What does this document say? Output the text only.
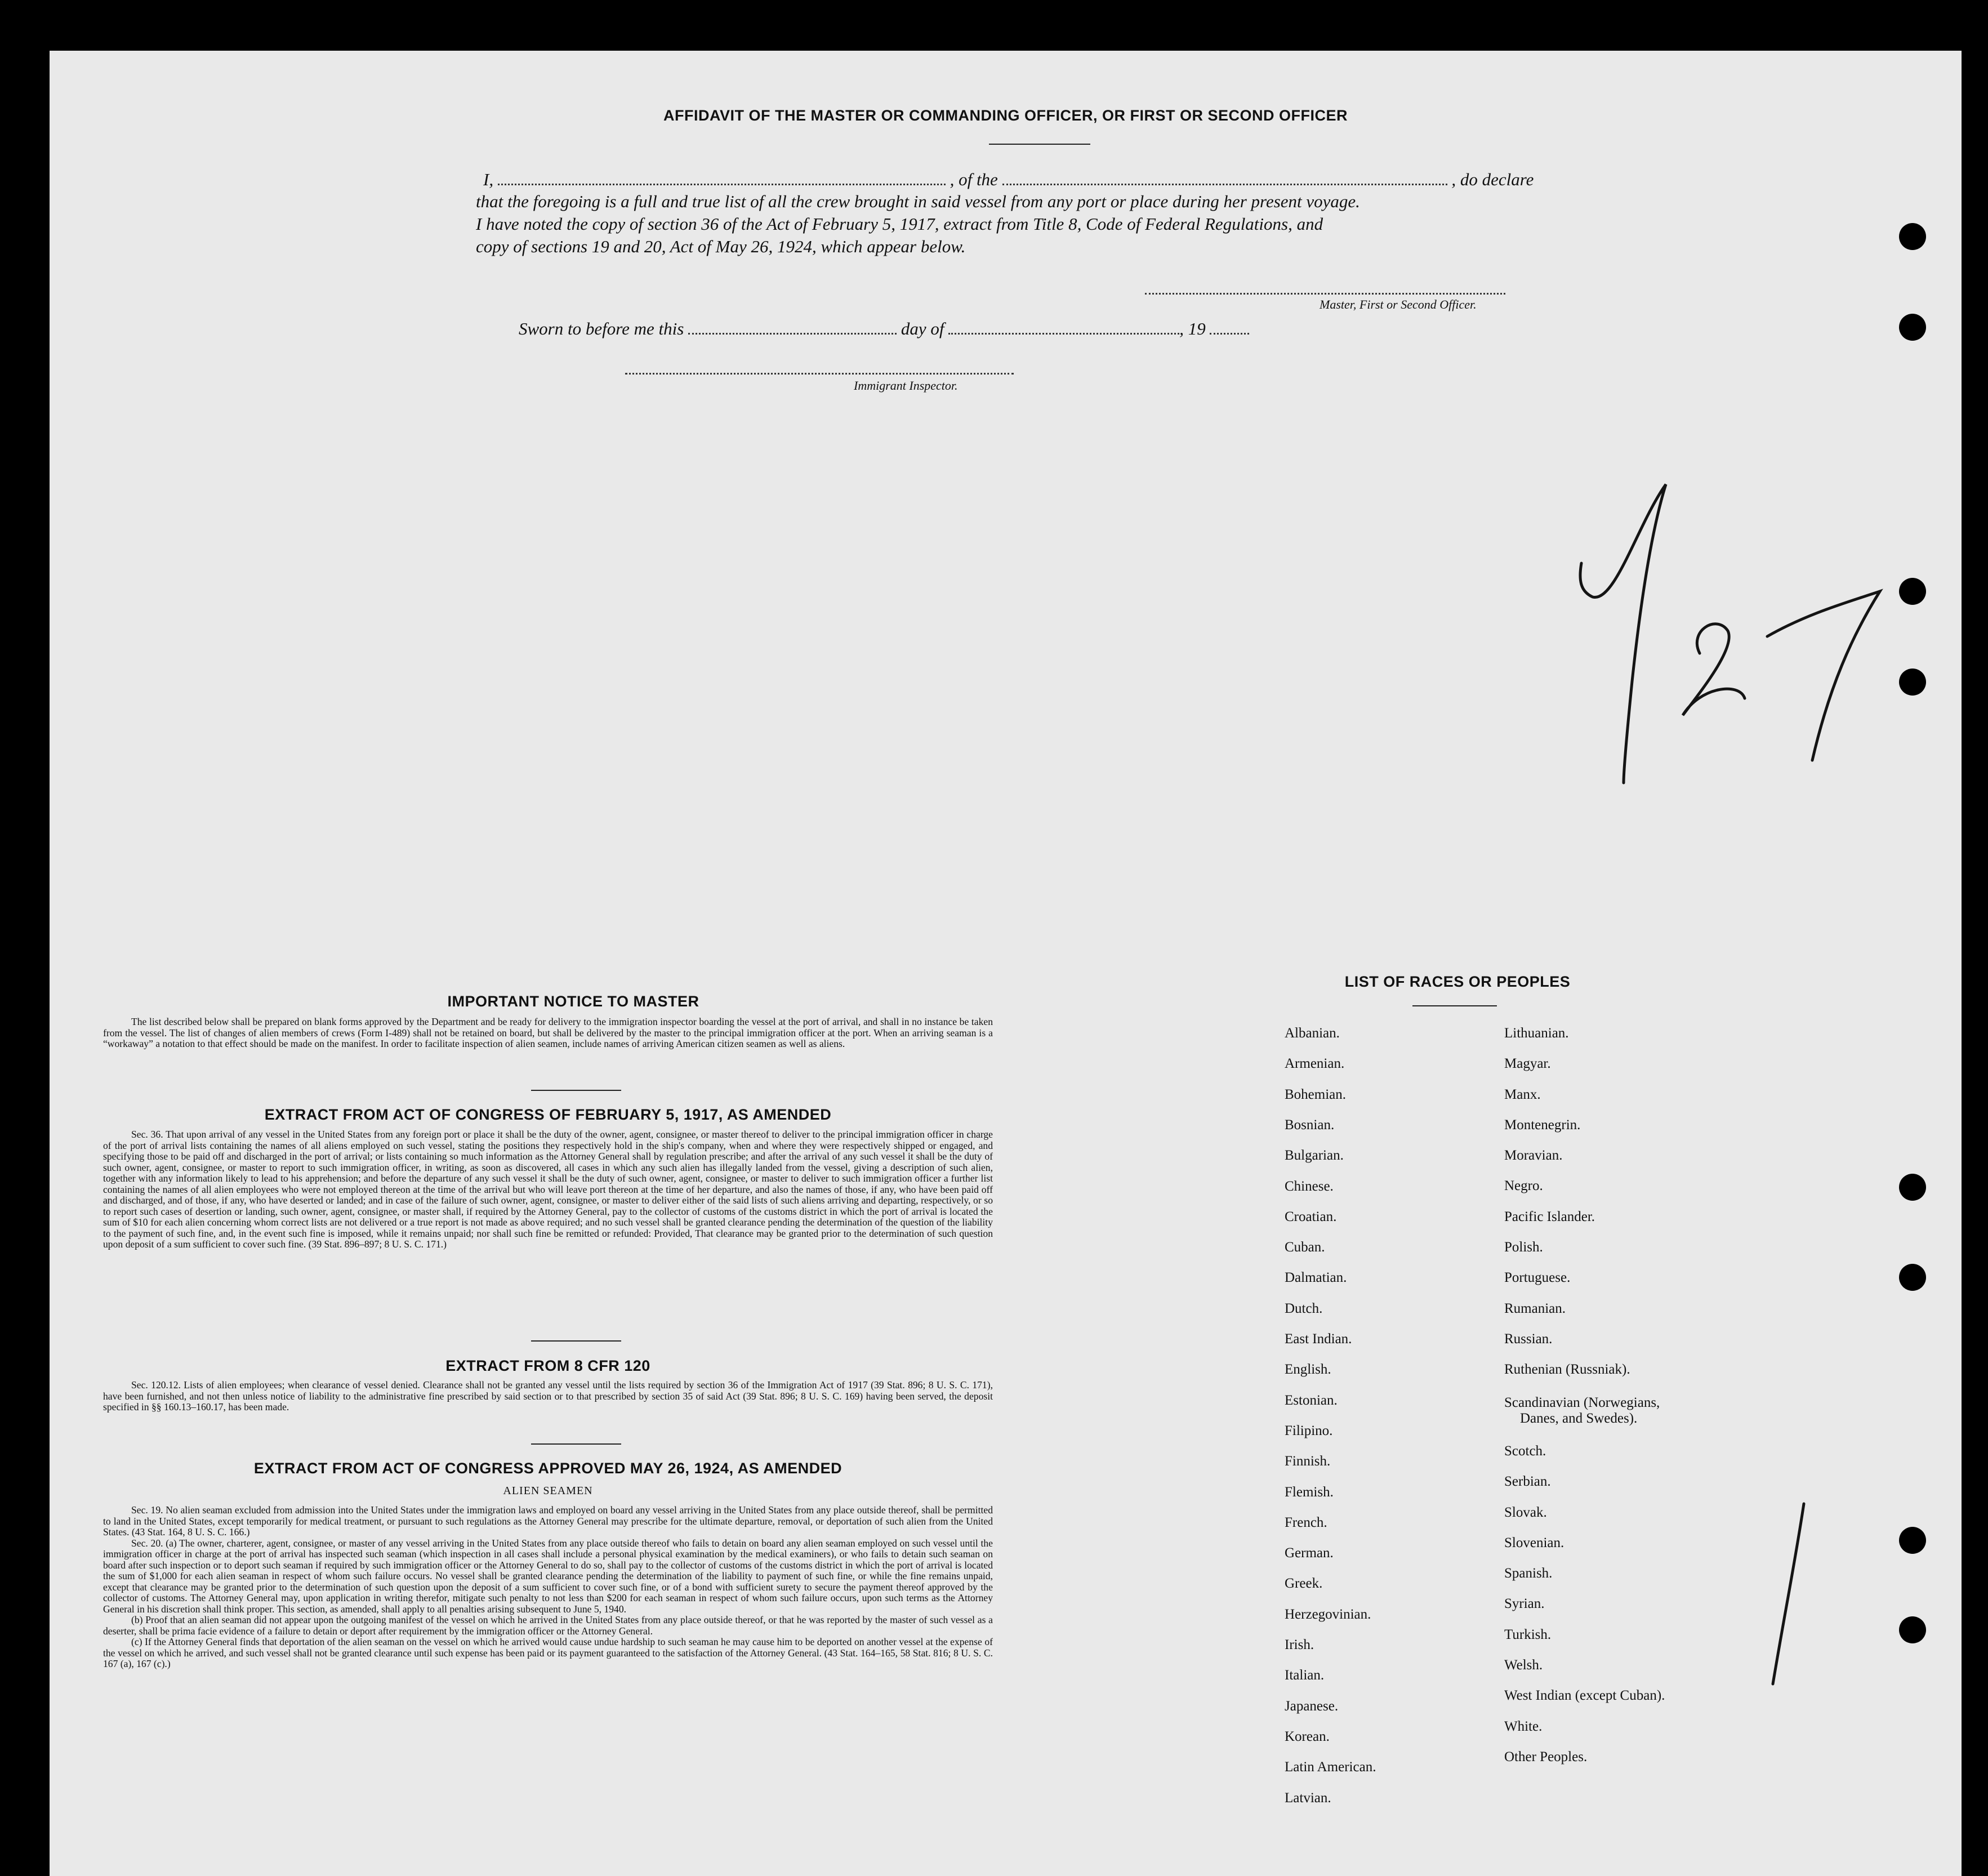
AFFIDAVIT OF THE MASTER OR COMMANDING OFFICER, OR FIRST OR SECOND OFFICER
I,	, of the	, do declare
that the foregoing is a full and true list of all the crew brought in said vessel from any port or place during her present voyage.
I have noted the copy of section 36 of the Act of February 5, 1917, extract from Title 8, Code of Federal Regulations, and
copy of sections 19 and 20, Act of May 26, 1924, which appear below.
Master, First or Second Officer.
Sworn to before me this	day of	, 19
Immigrant Inspector.
IMPORTANT NOTICE TO MASTER
The list described below shall be prepared on blank forms approved by the Department and be ready for delivery to the immigration inspector boarding the vessel at the port of arrival, and shall in no instance be taken from the vessel. The list of changes of alien members of crews (Form I-489) shall not be retained on board, but shall be delivered by the master to the principal immigration officer at the port. When an arriving seaman is a “workaway” a notation to that effect should be made on the manifest. In order to facilitate inspection of alien seamen, include names of arriving American citizen seamen as well as aliens.
EXTRACT FROM ACT OF CONGRESS OF FEBRUARY 5, 1917, AS AMENDED
Sec. 36. That upon arrival of any vessel in the United States from any foreign port or place it shall be the duty of the owner, agent, consignee, or master thereof to deliver to the principal immigration officer in charge of the port of arrival lists containing the names of all aliens employed on such vessel, stating the positions they respectively hold in the ship's company, when and where they were respectively shipped or engaged, and specifying those to be paid off and discharged in the port of arrival; or lists containing so much information as the Attorney General shall by regulation prescribe; and after the arrival of any such vessel it shall be the duty of such owner, agent, consignee, or master to report to such immigration officer, in writing, as soon as discovered, all cases in which any such alien has illegally landed from the vessel, giving a description of such alien, together with any information likely to lead to his apprehension; and before the departure of any such vessel it shall be the duty of such owner, agent, consignee, or master to deliver to such immigration officer a further list containing the names of all alien employees who were not employed thereon at the time of the arrival but who will leave port thereon at the time of her departure, and also the names of those, if any, who have been paid off and discharged, and of those, if any, who have deserted or landed; and in case of the failure of such owner, agent, consignee, or master to deliver either of the said lists of such aliens arriving and departing, respectively, or so to report such cases of desertion or landing, such owner, agent, consignee, or master shall, if required by the Attorney General, pay to the collector of customs of the customs district in which the port of arrival is located the sum of $10 for each alien concerning whom correct lists are not delivered or a true report is not made as above required; and no such vessel shall be granted clearance pending the determination of the question of the liability to the payment of such fine, and, in the event such fine is imposed, while it remains unpaid; nor shall such fine be remitted or refunded: Provided, That clearance may be granted prior to the determination of such question upon deposit of a sum sufficient to cover such fine. (39 Stat. 896–897; 8 U. S. C. 171.)
EXTRACT FROM 8 CFR 120
Sec. 120.12. Lists of alien employees; when clearance of vessel denied. Clearance shall not be granted any vessel until the lists required by section 36 of the Immigration Act of 1917 (39 Stat. 896; 8 U. S. C. 171), have been furnished, and not then unless notice of liability to the administrative fine prescribed by said section or to that prescribed by section 35 of said Act (39 Stat. 896; 8 U. S. C. 169) having been served, the deposit specified in §§ 160.13–160.17, has been made.
EXTRACT FROM ACT OF CONGRESS APPROVED MAY 26, 1924, AS AMENDED
ALIEN SEAMEN
Sec. 19. No alien seaman excluded from admission into the United States under the immigration laws and employed on board any vessel arriving in the United States from any place outside thereof, shall be permitted to land in the United States, except temporarily for medical treatment, or pursuant to such regulations as the Attorney General may prescribe for the ultimate departure, removal, or deportation of such alien from the United States. (43 Stat. 164, 8 U. S. C. 166.)
Sec. 20. (a) The owner, charterer, agent, consignee, or master of any vessel arriving in the United States from any place outside thereof who fails to detain on board any alien seaman employed on such vessel until the immigration officer in charge at the port of arrival has inspected such seaman (which inspection in all cases shall include a personal physical examination by the medical examiners), or who fails to detain such seaman on board after such inspection or to deport such seaman if required by such immigration officer or the Attorney General to do so, shall pay to the collector of customs of the customs district in which the port of arrival is located the sum of $1,000 for each alien seaman in respect of whom such failure occurs. No vessel shall be granted clearance pending the determination of the liability to payment of such fine, or while the fine remains unpaid, except that clearance may be granted prior to the determination of such question upon the deposit of a sum sufficient to cover such fine, or of a bond with sufficient surety to secure the payment thereof approved by the collector of customs. The Attorney General may, upon application in writing therefor, mitigate such penalty to not less than $200 for each seaman in respect of whom such failure occurs, upon such terms as the Attorney General in his discretion shall think proper. This section, as amended, shall apply to all penalties arising subsequent to June 5, 1940.
(b) Proof that an alien seaman did not appear upon the outgoing manifest of the vessel on which he arrived in the United States from any place outside thereof, or that he was reported by the master of such vessel as a deserter, shall be prima facie evidence of a failure to detain or deport after requirement by the immigration officer or the Attorney General.
(c) If the Attorney General finds that deportation of the alien seaman on the vessel on which he arrived would cause undue hardship to such seaman he may cause him to be deported on another vessel at the expense of the vessel on which he arrived, and such vessel shall not be granted clearance until such expense has been paid or its payment guaranteed to the satisfaction of the Attorney General. (43 Stat. 164–165, 58 Stat. 816; 8 U. S. C. 167 (a), 167 (c).)
LIST OF RACES OR PEOPLES
Albanian.
Armenian.
Bohemian.
Bosnian.
Bulgarian.
Chinese.
Croatian.
Cuban.
Dalmatian.
Dutch.
East Indian.
English.
Estonian.
Filipino.
Finnish.
Flemish.
French.
German.
Greek.
Herzegovinian.
Irish.
Italian.
Japanese.
Korean.
Latin American.
Latvian.
Lithuanian.
Magyar.
Manx.
Montenegrin.
Moravian.
Negro.
Pacific Islander.
Polish.
Portuguese.
Rumanian.
Russian.
Ruthenian (Russniak).
Scandinavian (Norwegians,
Danes, and Swedes).
Scotch.
Serbian.
Slovak.
Slovenian.
Spanish.
Syrian.
Turkish.
Welsh.
West Indian (except Cuban).
White.
Other Peoples.
